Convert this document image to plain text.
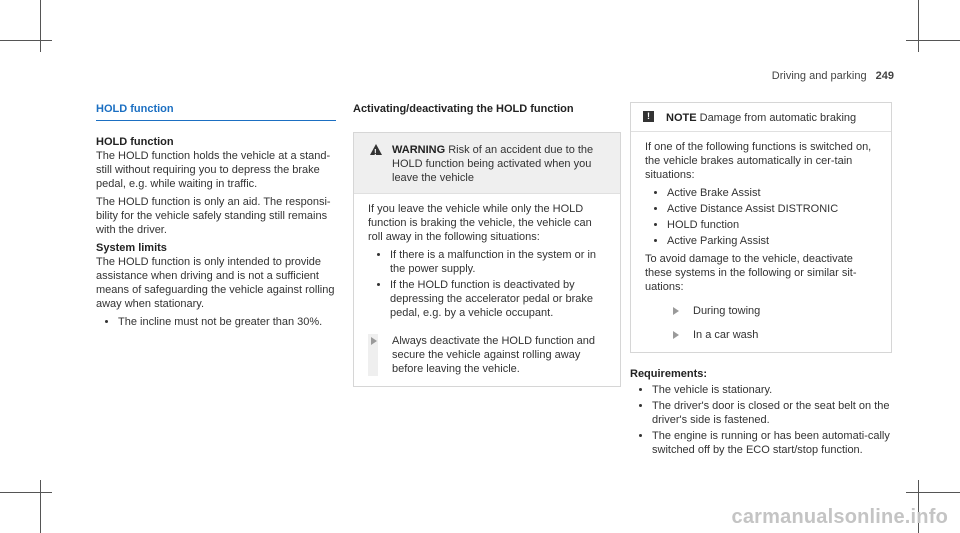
Driving and parking 249
HOLD function
HOLD function

The HOLD function holds the vehicle at a stand-still without requiring you to depress the brake pedal, e.g. while waiting in traffic.

The HOLD function is only an aid. The responsi-bility for the vehicle safely standing still remains with the driver.

System limits

The HOLD function is only intended to provide assistance when driving and is not a sufficient means of safeguarding the vehicle against rolling away when stationary.

• The incline must not be greater than 30%.
Activating/deactivating the HOLD function
!
WARNING Risk of an accident due to the HOLD function being activated when you leave the vehicle

If you leave the vehicle while only the HOLD function is braking the vehicle, the vehicle can roll away in the following situations:

• If there is a malfunction in the system or in the power supply.
• If the HOLD function is deactivated by depressing the accelerator pedal or brake pedal, e.g. by a vehicle occupant.
Always deactivate the HOLD function and secure the vehicle against rolling away before leaving the vehicle.
!	NOTE Damage from automatic braking

If one of the following functions is switched on, the vehicle brakes automatically in cer-tain situations:

• Active Brake Assist
• Active Distance Assist DISTRONIC
• HOLD function
• Active Parking Assist

To avoid damage to the vehicle, deactivate these systems in the following or similar sit-uations:

During towing
In a car wash
Requirements:
• The vehicle is stationary.
• The driver's door is closed or the seat belt on the driver's side is fastened.
• The engine is running or has been automati-cally switched off by the ECO start/stop function.
carmanualsonline.info
